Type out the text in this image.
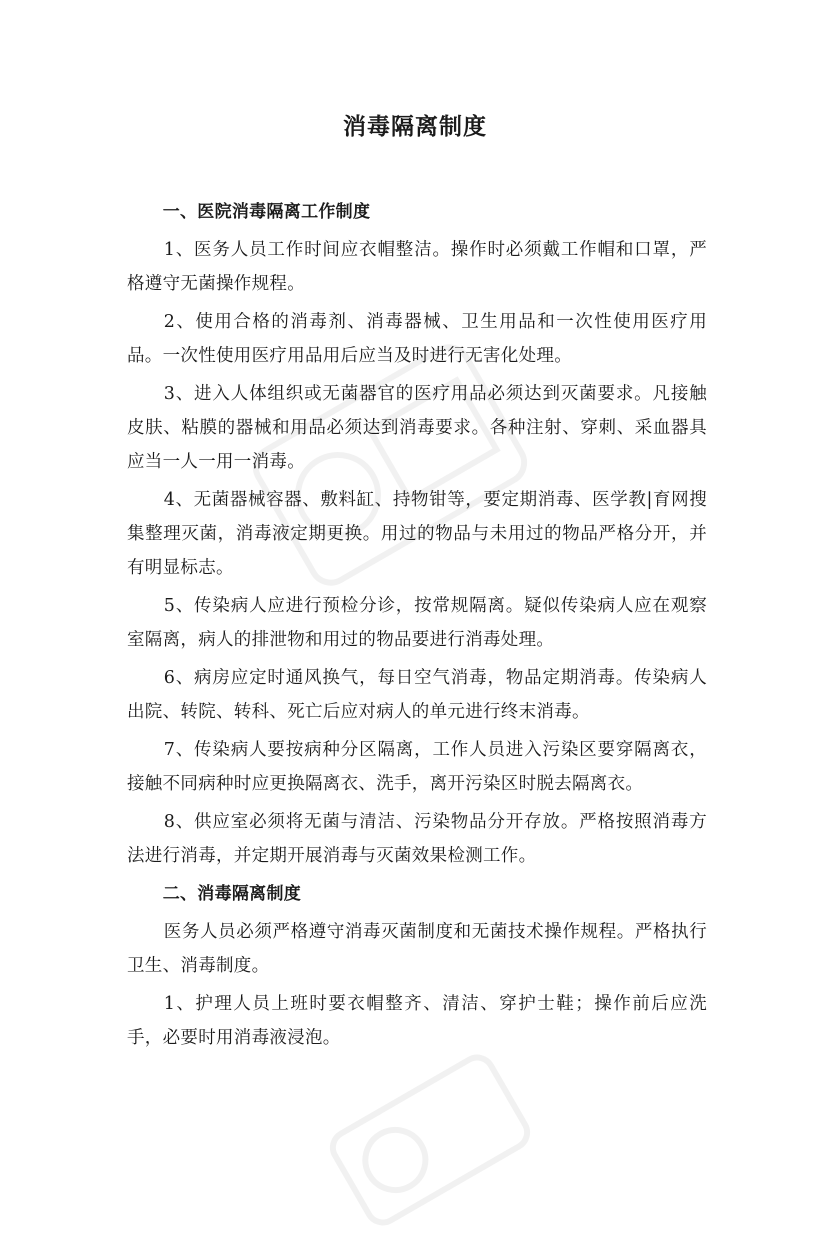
消毒隔离制度

一、医院消毒隔离工作制度

1、医务人员工作时间应衣帽整洁。操作时必须戴工作帽和口罩，严格遵守无菌操作规程。

2、使用合格的消毒剂、消毒器械、卫生用品和一次性使用医疗用品。一次性使用医疗用品用后应当及时进行无害化处理。

3、进入人体组织或无菌器官的医疗用品必须达到灭菌要求。凡接触皮肤、粘膜的器械和用品必须达到消毒要求。各种注射、穿刺、采血器具应当一人一用一消毒。

4、无菌器械容器、敷料缸、持物钳等，要定期消毒、医学教|育网搜集整理灭菌，消毒液定期更换。用过的物品与未用过的物品严格分开，并有明显标志。

5、传染病人应进行预检分诊，按常规隔离。疑似传染病人应在观察室隔离，病人的排泄物和用过的物品要进行消毒处理。

6、病房应定时通风换气，每日空气消毒，物品定期消毒。传染病人出院、转院、转科、死亡后应对病人的单元进行终末消毒。

7、传染病人要按病种分区隔离，工作人员进入污染区要穿隔离衣，接触不同病种时应更换隔离衣、洗手，离开污染区时脱去隔离衣。

8、供应室必须将无菌与清洁、污染物品分开存放。严格按照消毒方法进行消毒，并定期开展消毒与灭菌效果检测工作。

二、消毒隔离制度

医务人员必须严格遵守消毒灭菌制度和无菌技术操作规程。严格执行卫生、消毒制度。

1、护理人员上班时要衣帽整齐、清洁、穿护士鞋；操作前后应洗手，必要时用消毒液浸泡。
